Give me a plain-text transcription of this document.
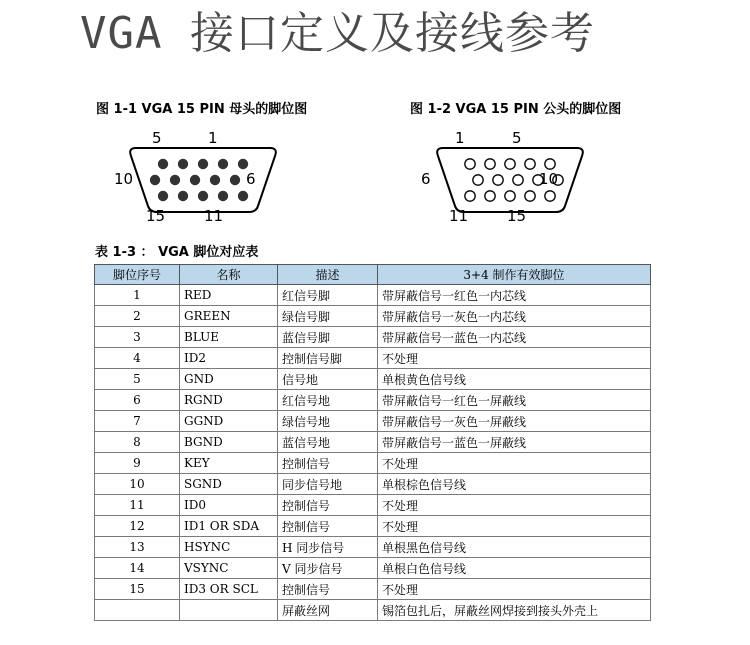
VGA 接口定义及接线参考
图 1-1 VGA 15 PIN 母头的脚位图
5	1
10	6
15	11
图 1-2 VGA 15 PIN 公头的脚位图
1	5
6	10
11	15
表 1-3 ： VGA 脚位对应表
脚位序号	名称	描述	3+4 制作有效脚位
1	RED	红信号脚	带屏蔽信号一红色一内芯线
2	GREEN	绿信号脚	带屏蔽信号一灰色一内芯线
3	BLUE	蓝信号脚	带屏蔽信号一蓝色一内芯线
4	ID2	控制信号脚	不处理
5	GND	信号地	单根黄色信号线
6	RGND	红信号地	带屏蔽信号一红色一屏蔽线
7	GGND	绿信号地	带屏蔽信号一灰色一屏蔽线
8	BGND	蓝信号地	带屏蔽信号一蓝色一屏蔽线
9	KEY	控制信号	不处理
10	SGND	同步信号地	单根棕色信号线
11	ID0	控制信号	不处理
12	ID1 OR SDA	控制信号	不处理
13	HSYNC	H 同步信号	单根黑色信号线
14	VSYNC	V 同步信号	单根白色信号线
15	ID3 OR SCL	控制信号	不处理
		屏蔽丝网	锡箔包扎后，屏蔽丝网焊接到接头外壳上
